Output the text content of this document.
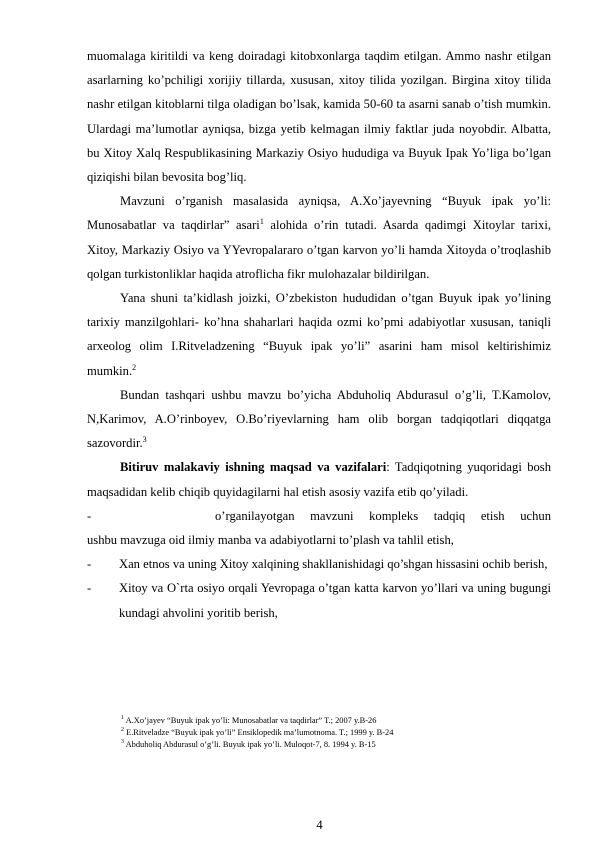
muomalaga kiritildi va keng doiradagi kitobxonlarga taqdim etilgan. Ammo nashr etilgan asarlarning ko’pchiligi xorijiy tillarda, xususan, xitoy tilida yozilgan. Birgina xitoy tilida nashr etilgan kitoblarni tilga oladigan bo’lsak, kamida 50-60 ta asarni sanab o’tish mumkin. Ulardagi ma’lumotlar ayniqsa, bizga yetib kelmagan ilmiy faktlar juda noyobdir. Albatta, bu Xitoy Xalq Respublikasining Markaziy Osiyo hududiga va Buyuk Ipak Yo’liga bo’lgan qiziqishi bilan bevosita bog’liq.

Mavzuni o’rganish masalasida ayniqsa, A.Xo’jayevning “Buyuk ipak yo’li: Munosabatlar va taqdirlar” asari$^1$ alohida o’rin tutadi. Asarda qadimgi Xitoylar tarixi, Xitoy, Markaziy Osiyo va YYevropalararo o’tgan karvon yo’li hamda Xitoyda o’troqlashib qolgan turkistonliklar haqida atroflicha fikr mulohazalar bildirilgan.

Yana shuni ta’kidlash joizki, O’zbekiston hududidan o’tgan Buyuk ipak yo’lining tarixiy manzilgohlari- ko’hna shaharlari haqida ozmi ko’pmi adabiyotlar xususan, taniqli arxeolog olim I.Ritveladzening “Buyuk ipak yo’li” asarini ham misol keltirishimiz mumkin.$^2$

Bundan tashqari ushbu mavzu bo’yicha Abduholiq Abdurasul o’g’li, T.Kamolov, N,Karimov, A.O’rinboyev, O.Bo’riyevlarning ham olib borgan tadqiqotlari diqqatga sazovordir.$^3$

Bitiruv malakaviy ishning maqsad va vazifalari: Tadqiqotning yuqoridagi bosh maqsadidan kelib chiqib quyidagilarni hal etish asosiy vazifa etib qo’yiladi.

-	o’rganilayotgan mavzuni kompleks tadqiq etish uchun

ushbu mavzuga oid ilmiy manba va adabiyotlarni to’plash va tahlil etish,

- Xan etnos va uning Xitoy xalqining shakllanishidagi qo’shgan hissasini ochib berish,

- Xitoy va O`rta osiyo orqali Yevropaga o’tgan katta karvon yo’llari va uning bugungi kundagi ahvolini yoritib berish,

$^1$ A.Xo’jayev “Buyuk ipak yo’li: Munosabatlar va taqdirlar” T.; 2007 y.B-26

$^2$ E.Ritveladze “Buyuk ipak yo’li” Ensiklopedik ma’lumotnoma. T.; 1999 y. B-24

$^3$ Abduholiq Abdurasul o’g’li. Buyuk ipak yo’li. Muloqot-7, 8. 1994 y. B-15

4
